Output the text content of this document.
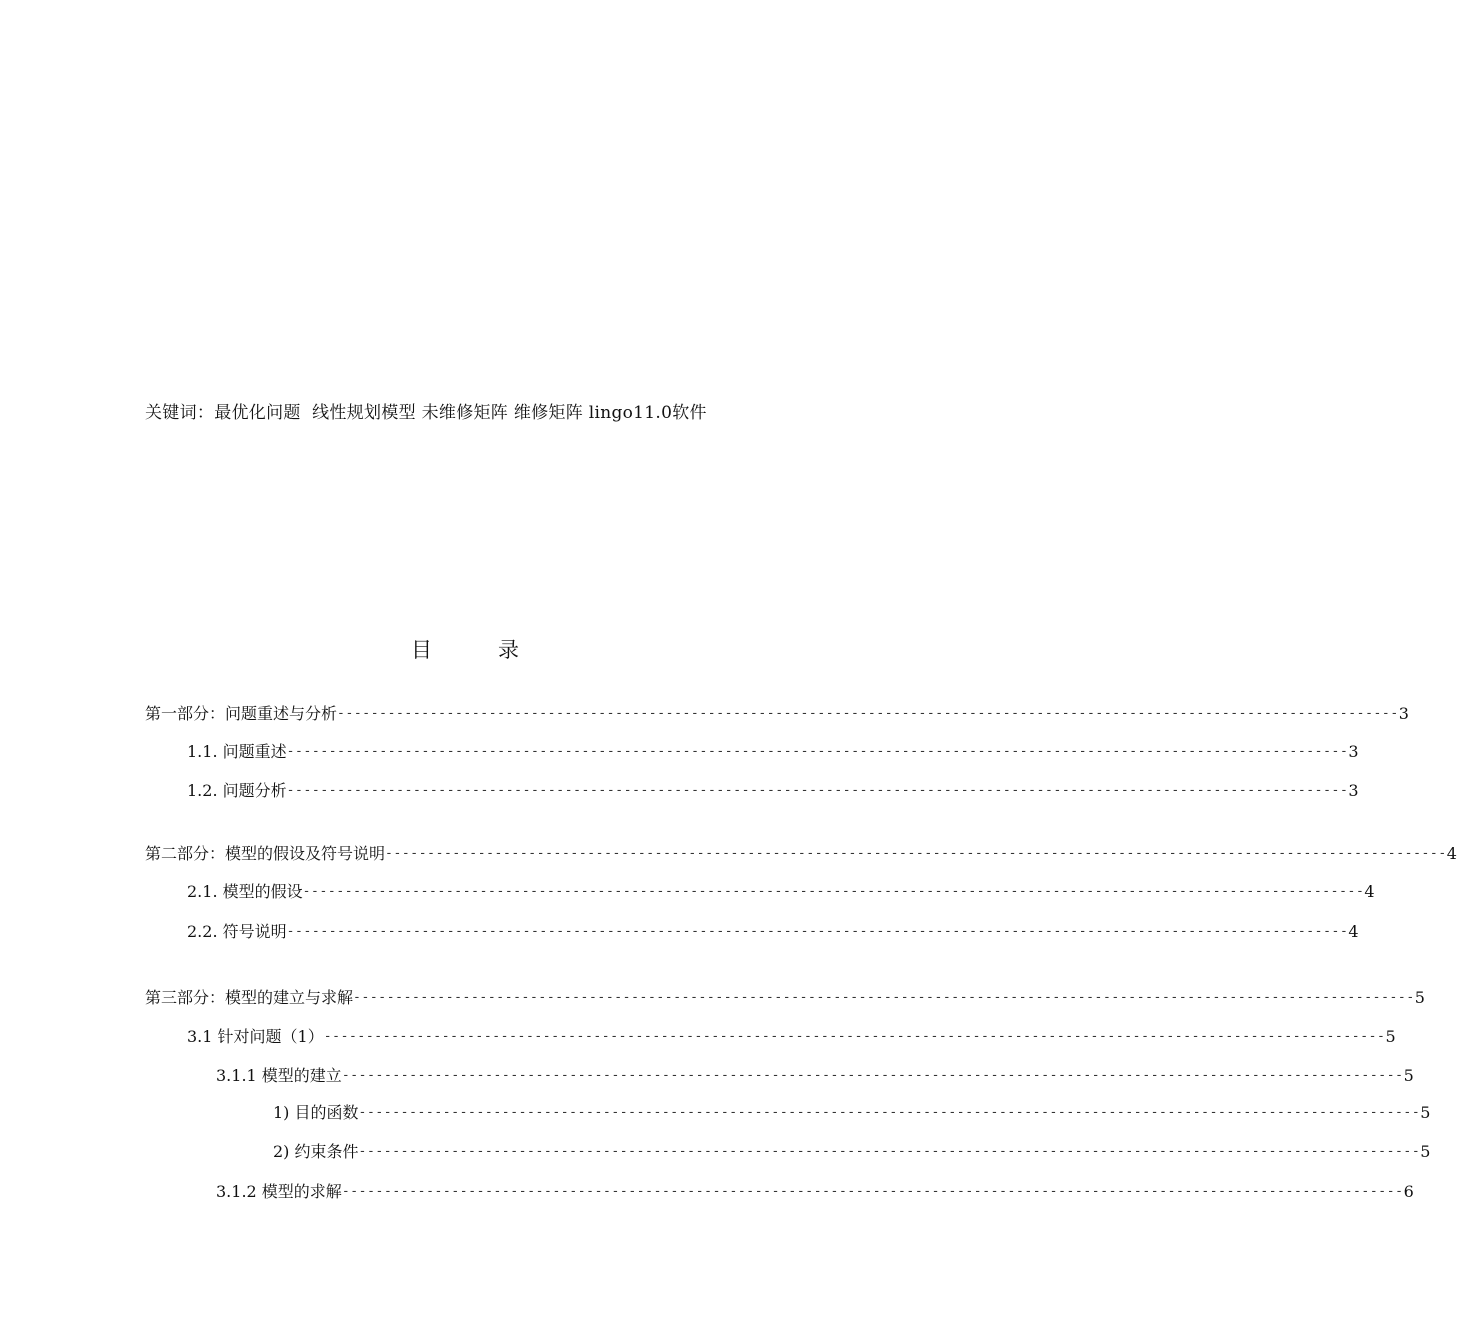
关键词：最优化问题  线性规划模型 未维修矩阵 维修矩阵 lingo11.0软件
目录
第一部分：问题重述与分析 ------------------------------------------------------------------------------------------------------------------------------ 3
1.1. 问题重述 ------------------------------------------------------------------------------------------------------------------------------ 3
1.2. 问题分析 ------------------------------------------------------------------------------------------------------------------------------ 3
第二部分：模型的假设及符号说明 ------------------------------------------------------------------------------------------------------------------------------ 4
2.1. 模型的假设 ------------------------------------------------------------------------------------------------------------------------------ 4
2.2. 符号说明 ------------------------------------------------------------------------------------------------------------------------------ 4
第三部分：模型的建立与求解 ------------------------------------------------------------------------------------------------------------------------------ 5
3.1 针对问题（1） ------------------------------------------------------------------------------------------------------------------------------ 5
3.1.1 模型的建立 ------------------------------------------------------------------------------------------------------------------------------ 5
1) 目的函数 ------------------------------------------------------------------------------------------------------------------------------ 5
2) 约束条件 ------------------------------------------------------------------------------------------------------------------------------ 5
3.1.2 模型的求解 ------------------------------------------------------------------------------------------------------------------------------ 6
